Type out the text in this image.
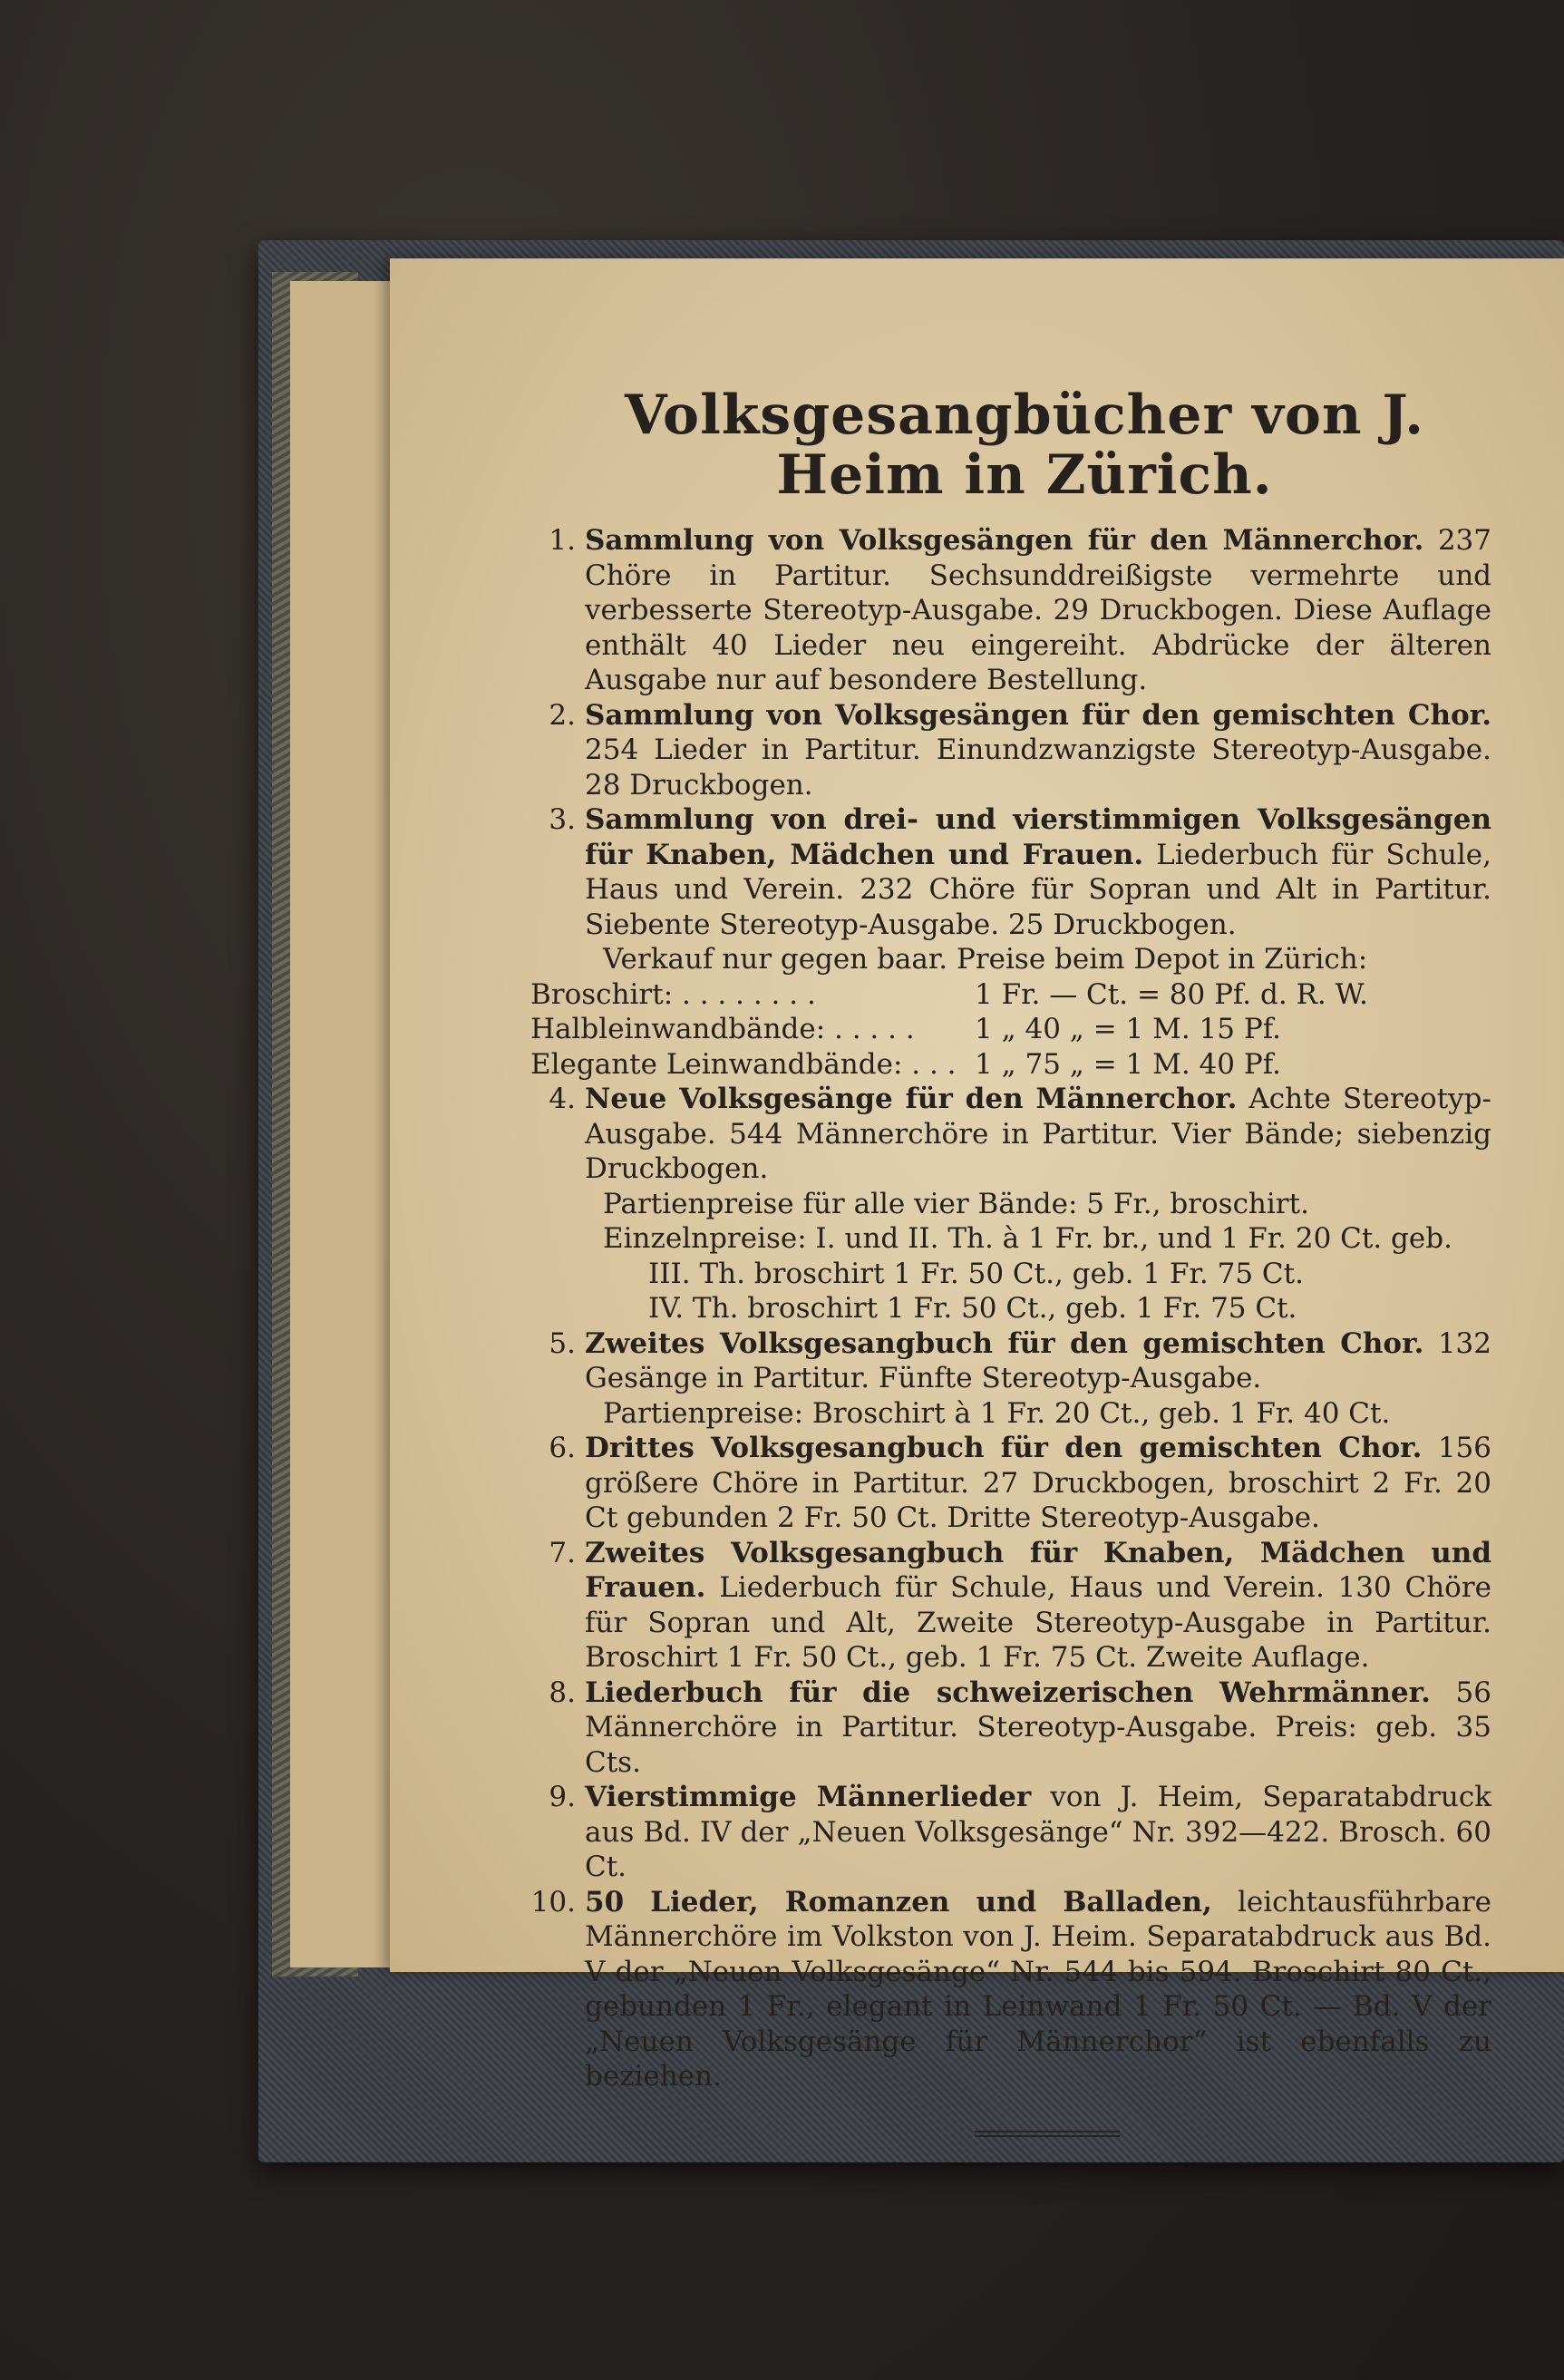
Volksgesangbücher von J. Heim in Zürich.
1. Sammlung von Volksgesängen für den Männerchor. 237 Chöre in Partitur. Sechsunddreißigste vermehrte und verbesserte Stereotyp-Ausgabe. 29 Druckbogen. Diese Auflage enthält 40 Lieder neu eingereiht. Abdrücke der älteren Ausgabe nur auf besondere Bestellung.
2. Sammlung von Volksgesängen für den gemischten Chor. 254 Lieder in Partitur. Einundzwanzigste Stereotyp-Ausgabe. 28 Druckbogen.
3. Sammlung von drei- und vierstimmigen Volksgesängen für Knaben, Mädchen und Frauen. Liederbuch für Schule, Haus und Verein. 232 Chöre für Sopran und Alt in Partitur. Siebente Stereotyp-Ausgabe. 25 Druckbogen.
Verkauf nur gegen baar. Preise beim Depot in Zürich:
Broschirt: . . . . . . . .	1 Fr. — Ct. = 80 Pf. d. R. W.
Halbleinwandbände: . . . . .	1 „ 40 „ = 1 M. 15 Pf.
Elegante Leinwandbände: . . . 1 „ 75 „ = 1 M. 40 Pf.
4. Neue Volksgesänge für den Männerchor. Achte Stereotyp-Ausgabe. 544 Männerchöre in Partitur. Vier Bände; siebenzig Druckbogen.
Partienpreise für alle vier Bände: 5 Fr., broschirt.
Einzelnpreise: I. und II. Th. à 1 Fr. br., und 1 Fr. 20 Ct. geb.
III. Th. broschirt 1 Fr. 50 Ct., geb. 1 Fr. 75 Ct.
IV. Th. broschirt 1 Fr. 50 Ct., geb. 1 Fr. 75 Ct.
5. Zweites Volksgesangbuch für den gemischten Chor. 132 Gesänge in Partitur. Fünfte Stereotyp-Ausgabe.
Partienpreise: Broschirt à 1 Fr. 20 Ct., geb. 1 Fr. 40 Ct.
6. Drittes Volksgesangbuch für den gemischten Chor. 156 größere Chöre in Partitur. 27 Druckbogen, broschirt 2 Fr. 20 Ct gebunden 2 Fr. 50 Ct. Dritte Stereotyp-Ausgabe.
7. Zweites Volksgesangbuch für Knaben, Mädchen und Frauen. Liederbuch für Schule, Haus und Verein. 130 Chöre für Sopran und Alt, Zweite Stereotyp-Ausgabe in Partitur. Broschirt 1 Fr. 50 Ct., geb. 1 Fr. 75 Ct. Zweite Auflage.
8. Liederbuch für die schweizerischen Wehrmänner. 56 Männerchöre in Partitur. Stereotyp-Ausgabe. Preis: geb. 35 Cts.
9. Vierstimmige Männerlieder von J. Heim, Separatabdruck aus Bd. IV der „Neuen Volksgesänge“ Nr. 392—422. Brosch. 60 Ct.
10. 50 Lieder, Romanzen und Balladen, leichtausführbare Männerchöre im Volkston von J. Heim. Separatabdruck aus Bd. V der „Neuen Volksgesänge“ Nr. 544 bis 594. Broschirt 80 Ct., gebunden 1 Fr., elegant in Leinwand 1 Fr. 50 Ct. — Bd. V der „Neuen Volksgesänge für Männerchor“ ist ebenfalls zu beziehen.
